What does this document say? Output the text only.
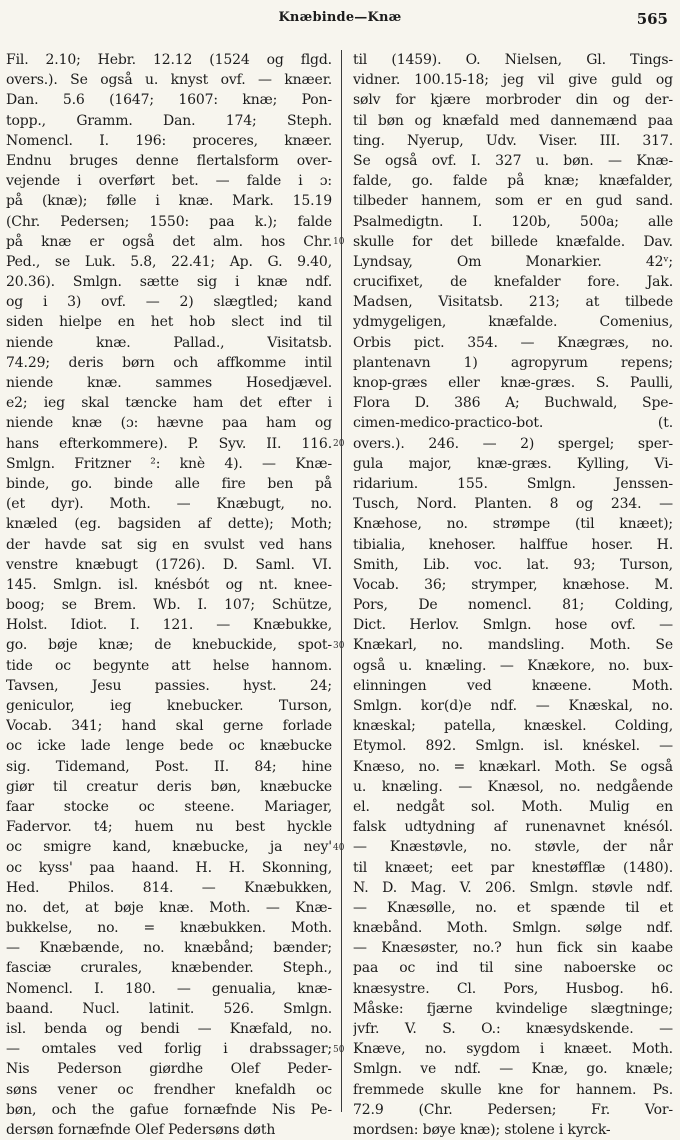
Knæbinde—Knæ	565
Fil. 2.10; Hebr. 12.12 (1524 og flgd.
overs.). Se også u. knyst ovf. — knæer.
Dan. 5.6 (1647; 1607: knæ; Pon-
topp., Gramm. Dan. 174; Steph.
Nomencl. I. 196: proceres, knæer.
Endnu bruges denne flertalsform over-
vejende i overført bet. — falde i ɔ:
på (knæ); følle i knæ. Mark. 15.19
(Chr. Pedersen; 1550: paa k.); falde
på knæ er også det alm. hos Chr.
Ped., se Luk. 5.8, 22.41; Ap. G. 9.40,
20.36). Smlgn. sætte sig i knæ ndf.
og i 3) ovf. — 2) slægtled; kand
siden hielpe en het hob slect ind til
niende knæ. Pallad., Visitatsb.
74.29; deris børn och affkomme intil
niende knæ. sammes Hosedjævel.
e2; ieg skal tæncke ham det efter i
niende knæ (ɔ: hævne paa ham og
hans efterkommere). P. Syv. II. 116.
Smlgn. Fritzner ²: knè 4). — Knæ-
binde, go. binde alle fire ben på
(et dyr). Moth. — Knæbugt, no.
knæled (eg. bagsiden af dette); Moth;
der havde sat sig en svulst ved hans
venstre knæbugt (1726). D. Saml. VI.
145. Smlgn. isl. knésbót og nt. knee-
boog; se Brem. Wb. I. 107; Schütze,
Holst. Idiot. I. 121. — Knæbukke,
go. bøje knæ; de knebuckide, spot-
tide oc begynte att helse hannom.
Tavsen, Jesu passies. hyst. 24;
geniculor, ieg knebucker. Turson,
Vocab. 341; hand skal gerne forlade
oc icke lade lenge bede oc knæbucke
sig. Tidemand, Post. II. 84; hine
giør til creatur deris bøn, knæbucke
faar stocke oc steene. Mariager,
Fadervor. t4; huem nu best hyckle
oc smigre kand, knæbucke, ja ney'
oc kyss' paa haand. H. H. Skonning,
Hed. Philos. 814. — Knæbukken,
no. det, at bøje knæ. Moth. — Knæ-
bukkelse, no. = knæbukken. Moth.
— Knæbænde, no. knæbånd; bænder;
fasciæ crurales, knæbender. Steph.,
Nomencl. I. 180. — genualia, knæ-
baand. Nucl. latinit. 526. Smlgn.
isl. benda og bendi — Knæfald, no.
— omtales ved forlig i drabssager;
Nis Pederson giørdhe Olef Peder-
søns vener oc frendher knefaldh oc
bøn, och the gafue fornæfnde Nis Pe-
dersøn fornæfnde Olef Pedersøns døth
til (1459). O. Nielsen, Gl. Tings-
vidner. 100.15-18; jeg vil give guld og
sølv for kjære morbroder din og der-
til bøn og knæfald med dannemænd paa
ting. Nyerup, Udv. Viser. III. 317.
Se også ovf. I. 327 u. bøn. — Knæ-
falde, go. falde på knæ; knæfalder,
tilbeder hannem, som er en gud sand.
Psalmedigtn. I. 120b, 500a; alle
skulle for det billede knæfalde. Dav.
Lyndsay, Om Monarkier. 42ᵛ;
crucifixet, de knefalder fore. Jak.
Madsen, Visitatsb. 213; at tilbede
ydmygeligen, knæfalde. Comenius,
Orbis pict. 354. — Knægræs, no.
plantenavn 1) agropyrum repens;
knop-græs eller knæ-græs. S. Paulli,
Flora D. 386 A; Buchwald, Spe-
cimen-medico-practico-bot. (t.
overs.). 246. — 2) spergel; sper-
gula major, knæ-græs. Kylling, Vi-
ridarium. 155. Smlgn. Jenssen-
Tusch, Nord. Planten. 8 og 234. —
Knæhose, no. strømpe (til knæet);
tibialia, knehoser. halffue hoser. H.
Smith, Lib. voc. lat. 93; Turson,
Vocab. 36; strymper, knæhose. M.
Pors, De nomencl. 81; Colding,
Dict. Herlov. Smlgn. hose ovf. —
Knækarl, no. mandsling. Moth. Se
også u. knæling. — Knækore, no. bux-
elinningen ved knæene. Moth.
Smlgn. kor(d)e ndf. — Knæskal, no.
knæskal; patella, knæskel. Colding,
Etymol. 892. Smlgn. isl. knéskel. —
Knæso, no. = knækarl. Moth. Se også
u. knæling. — Knæsol, no. nedgående
el. nedgåt sol. Moth. Mulig en
falsk udtydning af runenavnet knésól.
— Knæstøvle, no. støvle, der når
til knæet; eet par knestøfflæ (1480).
N. D. Mag. V. 206. Smlgn. støvle ndf.
— Knæsølle, no. et spænde til et
knæbånd. Moth. Smlgn. sølge ndf.
— Knæsøster, no.? hun fick sin kaabe
paa oc ind til sine naboerske oc
knæsystre. Cl. Pors, Husbog. h6.
Måske: fjærne kvindelige slægtninge;
jvfr. V. S. O.: knæsydskende. —
Knæve, no. sygdom i knæet. Moth.
Smlgn. ve ndf. — Knæ, go. knæle;
fremmede skulle kne for hannem. Ps.
72.9 (Chr. Pedersen; Fr. Vor-
mordsen: bøye knæ); stolene i kyrck-
10
20
30
40
50
